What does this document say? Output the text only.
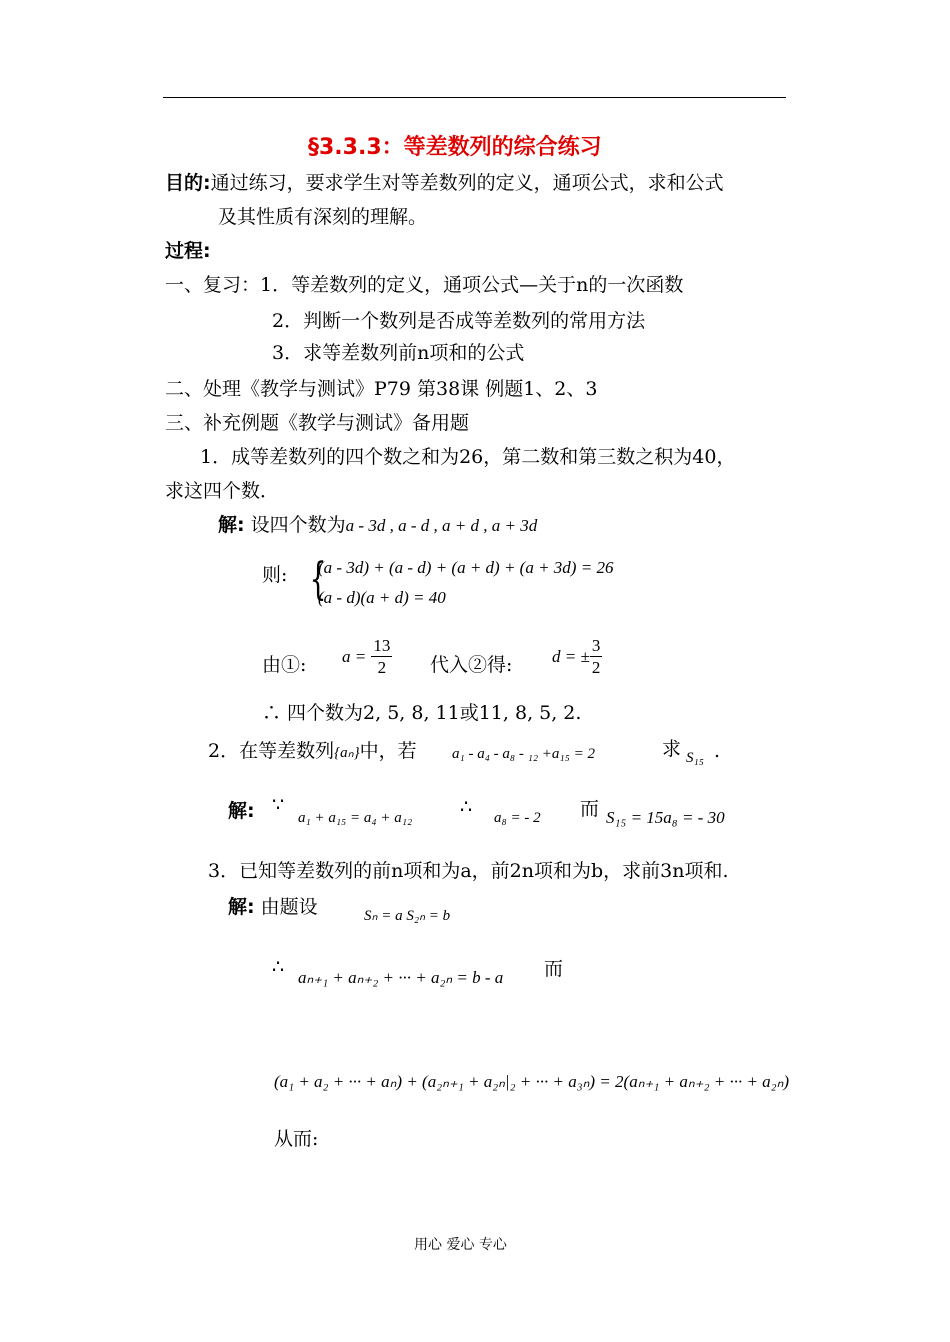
§3.3.3：等差数列的综合练习
目的:通过练习，要求学生对等差数列的定义，通项公式，求和公式
及其性质有深刻的理解。
过程:
一、复习：1．等差数列的定义，通项公式—关于n的一次函数
2．判断一个数列是否成等差数列的常用方法
3．求等差数列前n项和的公式
二、处理《教学与测试》P79 第38课 例题1、2、3
三、补充例题《教学与测试》备用题
1．成等差数列的四个数之和为26，第二数和第三数之积为40，
求这四个数．
解: 设四个数为a - 3d , a - d , a + d , a + 3d
则: {
(a - 3d) + (a - d) + (a + d) + (a + 3d) = 26
(a - d)(a + d) = 40
由①: $a = \frac{13}{2}$ 代入②得: d = ± $\frac{3}{2}$
∴ 四个数为2, 5, 8, 11或11, 8, 5, 2.
2．在等差数列{aₙ}中，若 a₁ - a₄ - a₈ - ₁₂ +a₁₅ = 2	求 S₁₅ .
解: ∵
a₁ + a₁₅ = a₄ + a₁₂	∴ a₈ = - 2 而 S₁₅ = 15a₈ = - 30
3．已知等差数列的前n项和为a，前2n项和为b，求前3n项和.
解: 由题设	Sₙ = a S₂ₙ = b
∴ aₙ₊₁ + aₙ₊₂ + ··· + a₂ₙ = b - a 而
(a₁ + a₂ + ··· + aₙ) + (a₂ₙ₊₁ + a₂ₙ|₂ + ··· + a₃ₙ) = 2(aₙ₊₁ + aₙ₊₂ + ··· + a₂ₙ)
从而:
用心 爱心 专心
